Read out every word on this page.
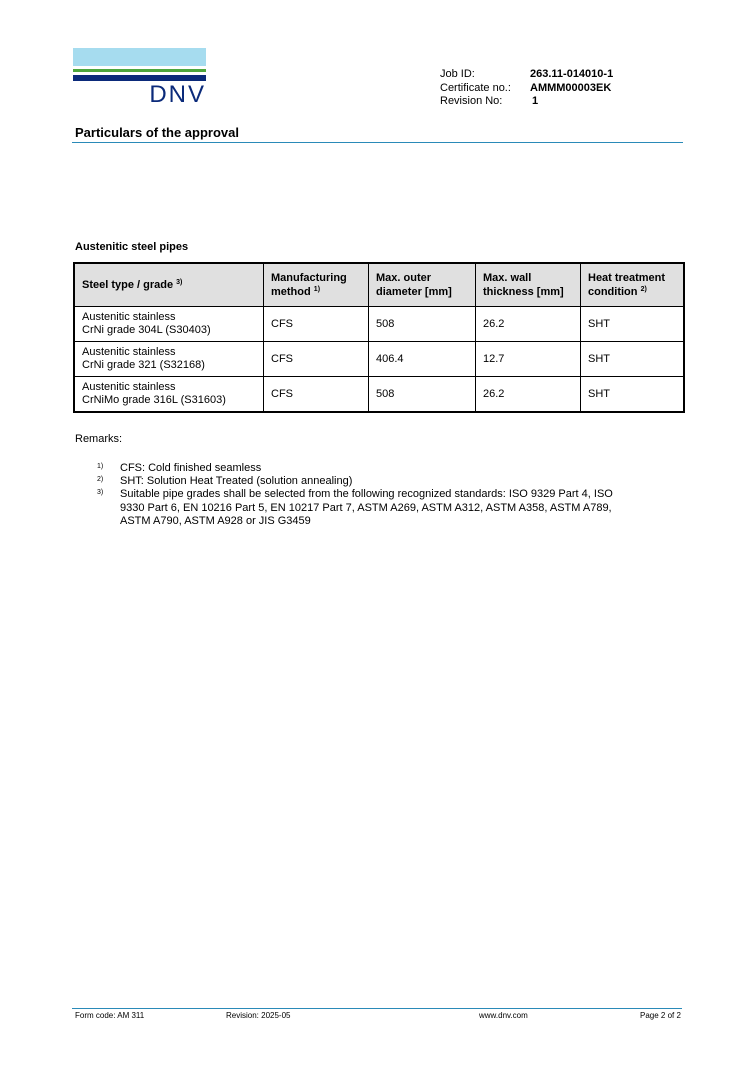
DNV
Job ID:	263.11-014010-1
Certificate no.:	AMMM00003EK
Revision No:	1
Particulars of the approval
Austenitic steel pipes
Steel type / grade $^{3)}$	Manufacturing method $^{1)}$	Max. outer diameter [mm]	Max. wall thickness [mm]	Heat treatment condition $^{2)}$

Austenitic stainless
CrNi grade 304L (S30403)	CFS	508	26.2	SHT

Austenitic stainless
CrNi grade 321 (S32168)	CFS	406.4	12.7	SHT

Austenitic stainless
CrNiMo grade 316L (S31603)	CFS	508	26.2	SHT
Remarks:
1)	CFS: Cold finished seamless
2)	SHT: Solution Heat Treated (solution annealing)
3)	Suitable pipe grades shall be selected from the following recognized standards: ISO 9329 Part 4, ISO 9330 Part 6, EN 10216 Part 5, EN 10217 Part 7, ASTM A269, ASTM A312, ASTM A358, ASTM A789, ASTM A790, ASTM A928 or JIS G3459
Form code: AM 311	Revision: 2025-05	www.dnv.com	Page 2 of 2
